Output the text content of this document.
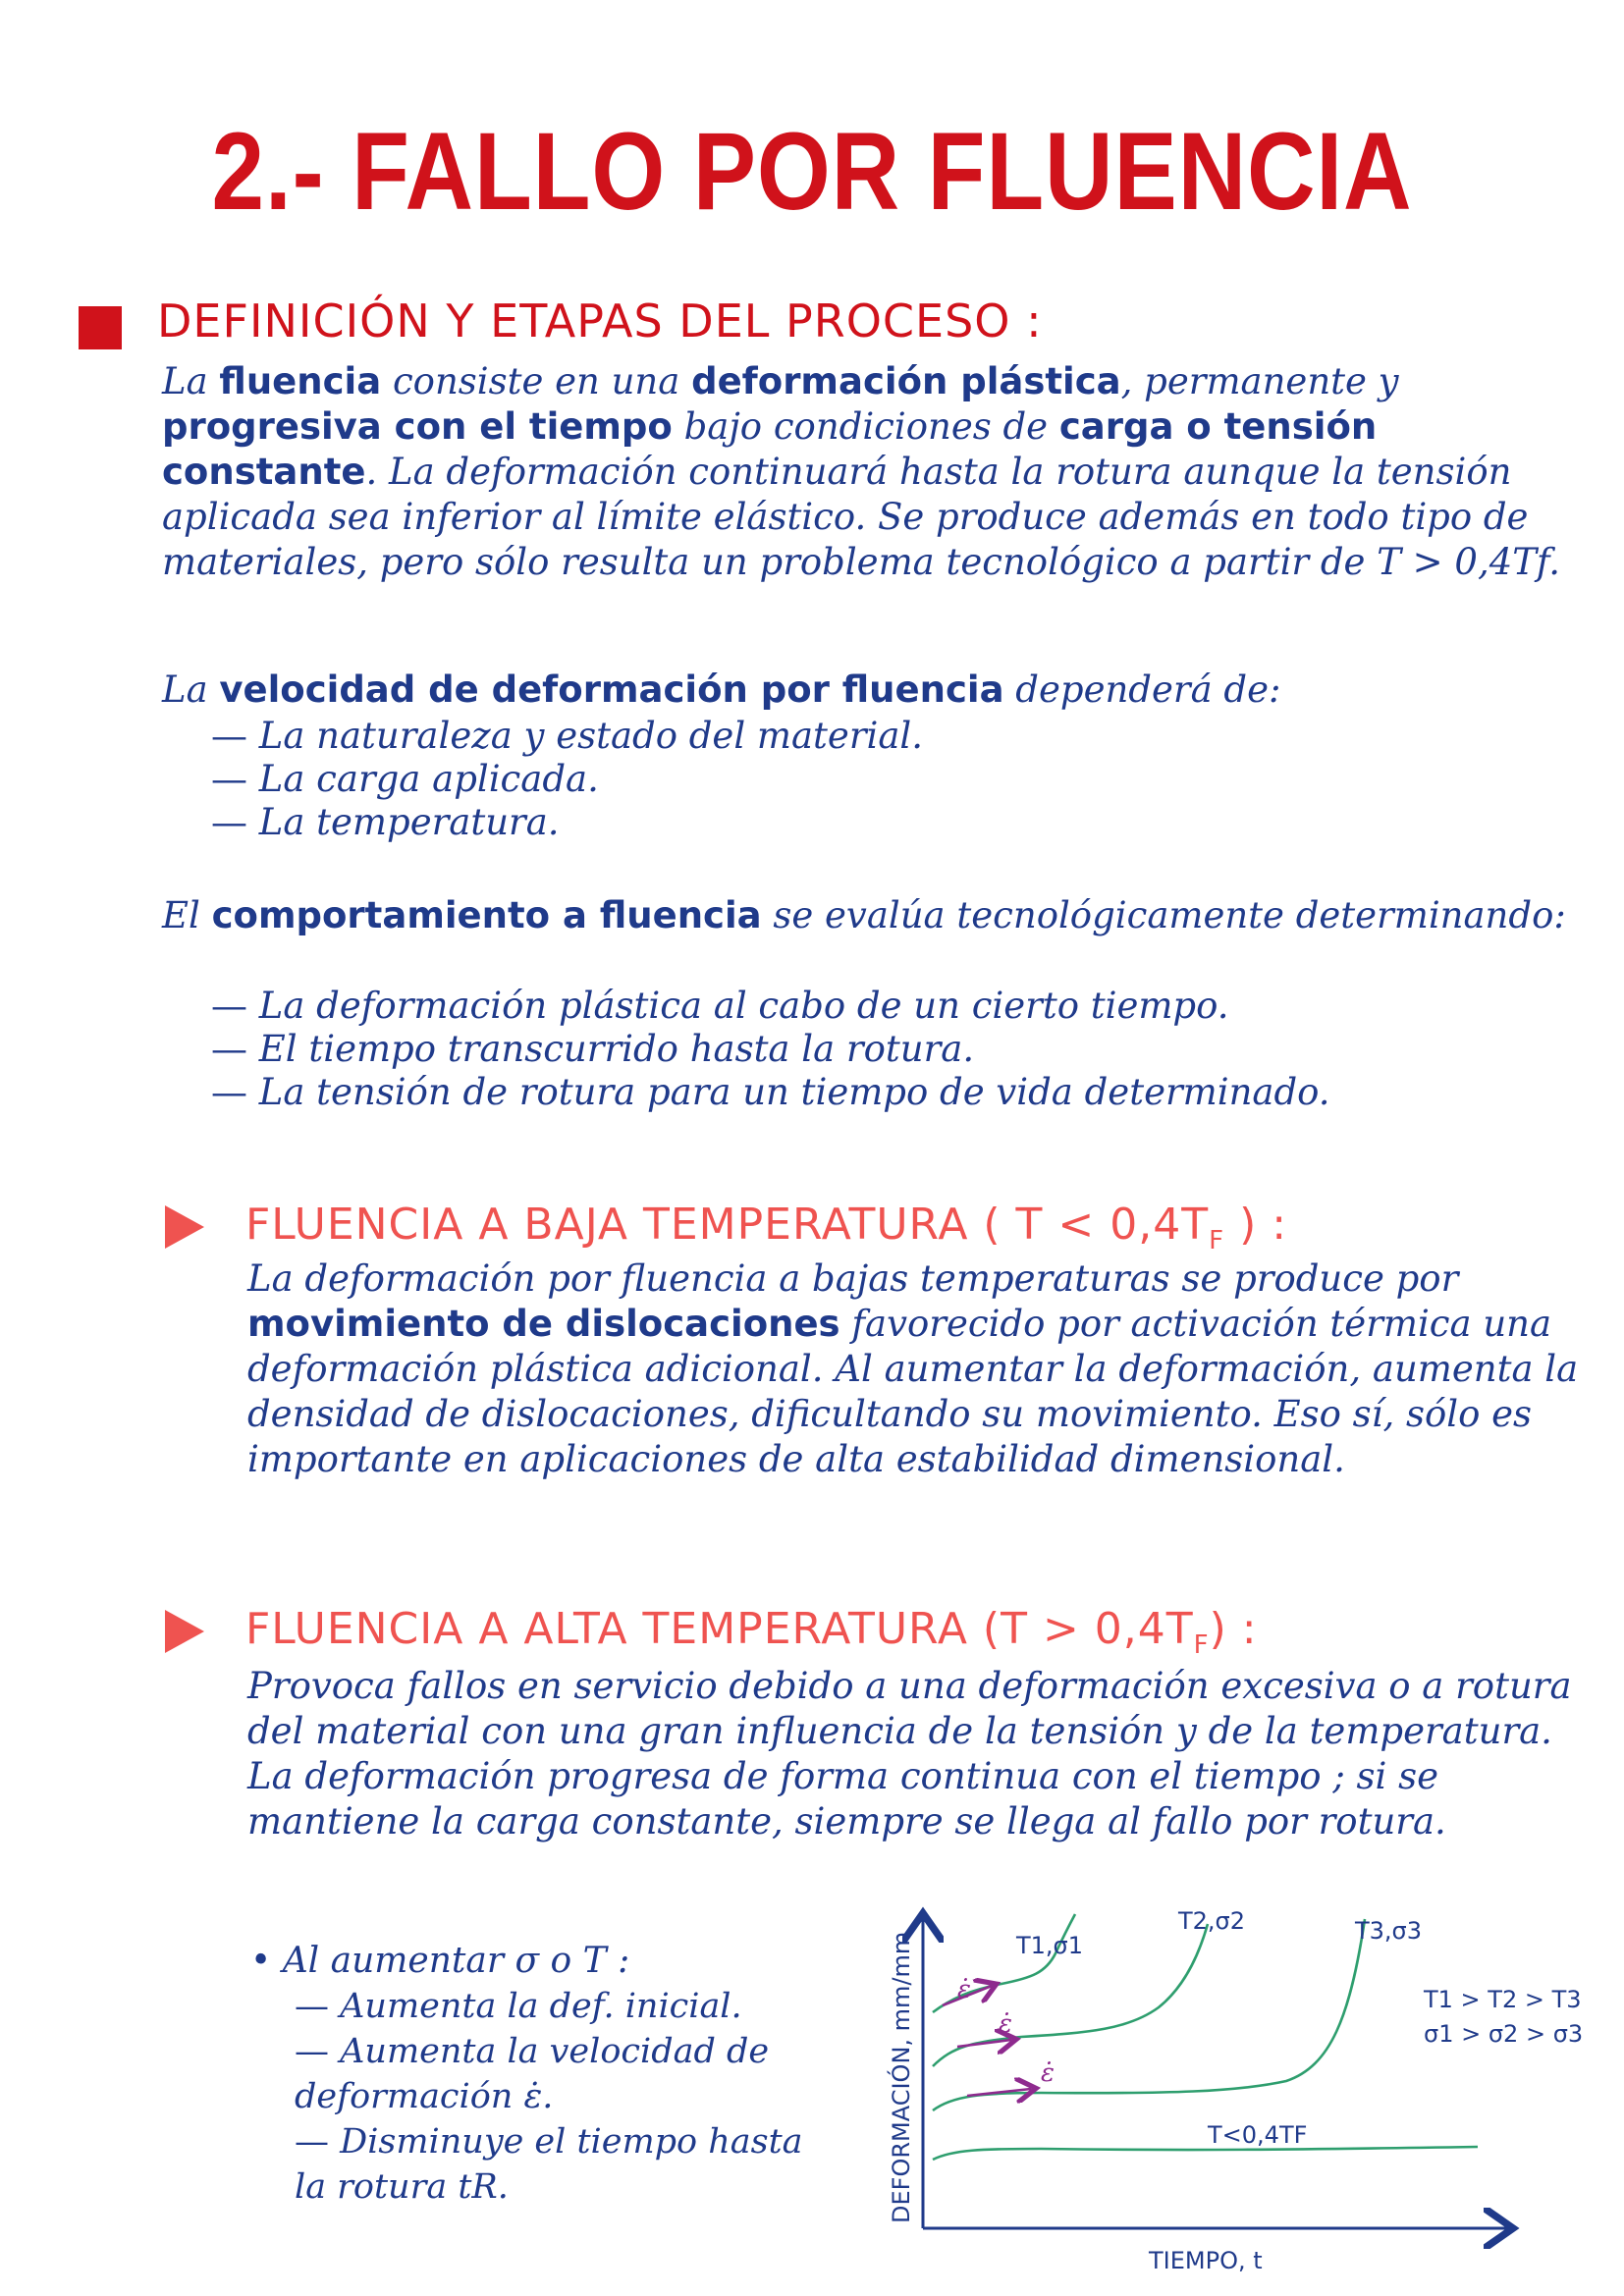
2.- FALLO POR FLUENCIA
DEFINICIÓN Y ETAPAS DEL PROCESO :
La fluencia consiste en una deformación plástica, permanente y progresiva con el tiempo bajo condiciones de carga o tensión constante. La deformación continuará hasta la rotura aunque la tensión aplicada sea inferior al límite elástico. Se produce además en todo tipo de materiales, pero sólo resulta un problema tecnológico a partir de T > 0,4Tf.
La velocidad de deformación por fluencia dependerá de:
— La naturaleza y estado del material.
— La carga aplicada.
— La temperatura.
El comportamiento a fluencia se evalúa tecnológicamente determinando:
— La deformación plástica al cabo de un cierto tiempo.
— El tiempo transcurrido hasta la rotura.
— La tensión de rotura para un tiempo de vida determinado.
FLUENCIA A BAJA TEMPERATURA ( $T < 0,4T_F$ ) :
La deformación por fluencia a bajas temperaturas se produce por movimiento de dislocaciones favorecido por activación térmica una deformación plástica adicional. Al aumentar la deformación, aumenta la densidad de dislocaciones, dificultando su movimiento. Eso sí, sólo es importante en aplicaciones de alta estabilidad dimensional.
FLUENCIA A ALTA TEMPERATURA $(T > 0,4T_F)$ :
Provoca fallos en servicio debido a una deformación excesiva o a rotura del material con una gran influencia de la tensión y de la temperatura. La deformación progresa de forma continua con el tiempo ; si se mantiene la carga constante, siempre se llega al fallo por rotura.
• Al aumentar σ o T :
— Aumenta la def. inicial.
— Aumenta la velocidad de deformación ε̇.
— Disminuye el tiempo hasta la rotura tR.	DEFORMACIÓN, mm/mm
TIEMPO, t
ε̇
ε̇
ε̇
T1,σ1
T2,σ2	T3,σ3
T<0,4TF
T1 > T2 > T3
σ1 > σ2 > σ3
